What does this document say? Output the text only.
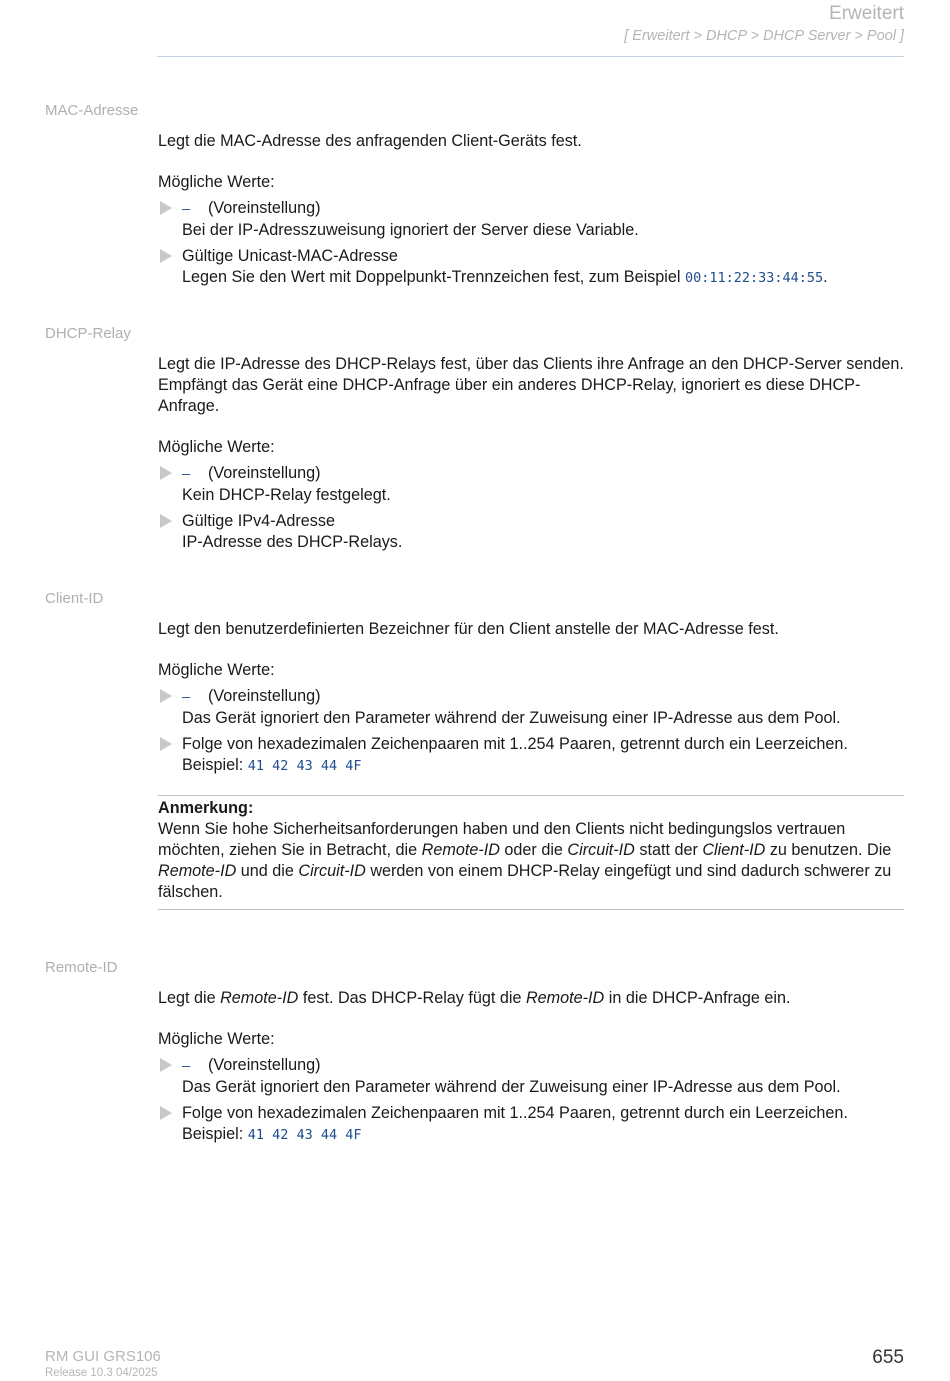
Erweitert
[ Erweitert > DHCP > DHCP Server > Pool ]
MAC-Adresse

Legt die MAC-Adresse des anfragenden Client-Geräts fest.

Mögliche Werte:

– (Voreinstellung)
Bei der IP-Adresszuweisung ignoriert der Server diese Variable.
Gültige Unicast-MAC-Adresse
Legen Sie den Wert mit Doppelpunkt-Trennzeichen fest, zum Beispiel 00:11:22:33:44:55.
DHCP-Relay

Legt die IP-Adresse des DHCP-Relays fest, über das Clients ihre Anfrage an den DHCP-Server senden. Empfängt das Gerät eine DHCP-Anfrage über ein anderes DHCP-Relay, ignoriert es diese DHCP-Anfrage.

Mögliche Werte:

– (Voreinstellung)
Kein DHCP-Relay festgelegt.
Gültige IPv4-Adresse
IP-Adresse des DHCP-Relays.
Client-ID

Legt den benutzerdefinierten Bezeichner für den Client anstelle der MAC-Adresse fest.

Mögliche Werte:

– (Voreinstellung)
Das Gerät ignoriert den Parameter während der Zuweisung einer IP-Adresse aus dem Pool.
Folge von hexadezimalen Zeichenpaaren mit 1..254 Paaren, getrennt durch ein Leerzeichen.
Beispiel: 41 42 43 44 4F
Anmerkung:
Wenn Sie hohe Sicherheitsanforderungen haben und den Clients nicht bedingungslos vertrauen möchten, ziehen Sie in Betracht, die Remote-ID oder die Circuit-ID statt der Client-ID zu benutzen. Die Remote-ID und die Circuit-ID werden von einem DHCP-Relay eingefügt und sind dadurch schwerer zu fälschen.
Remote-ID

Legt die Remote-ID fest. Das DHCP-Relay fügt die Remote-ID in die DHCP-Anfrage ein.

Mögliche Werte:

– (Voreinstellung)
Das Gerät ignoriert den Parameter während der Zuweisung einer IP-Adresse aus dem Pool.
Folge von hexadezimalen Zeichenpaaren mit 1..254 Paaren, getrennt durch ein Leerzeichen.
Beispiel: 41 42 43 44 4F
RM GUI GRS106
Release 10.3 04/2025
655
